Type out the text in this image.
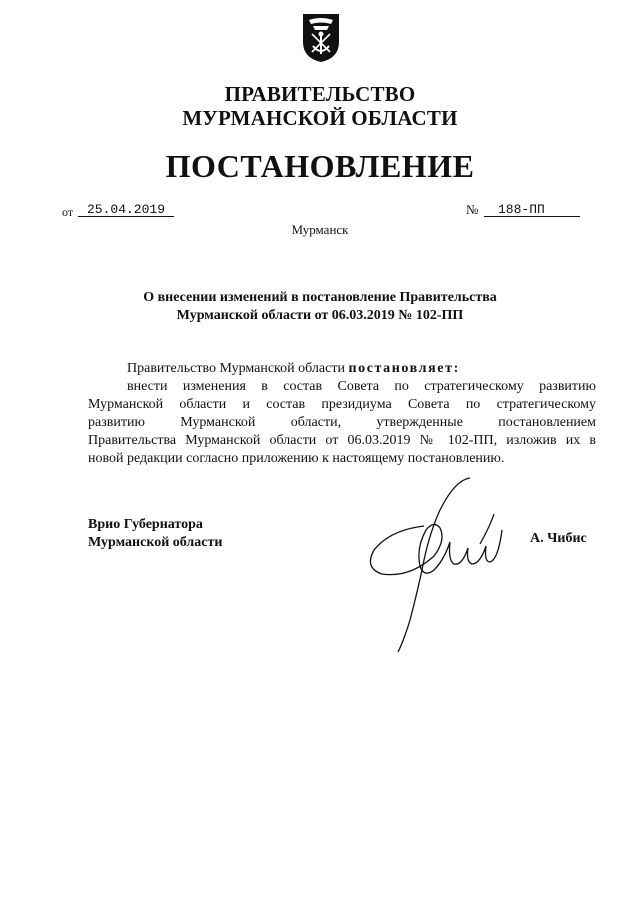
ПРАВИТЕЛЬСТВО
МУРМАНСКОЙ ОБЛАСТИ
ПОСТАНОВЛЕНИЕ
от	25.04.2019	№	188-ПП
Мурманск
О внесении изменений в постановление Правительства
Мурманской области от 06.03.2019 № 102-ПП
Правительство Мурманской области постановляет:
внести изменения в состав Совета по стратегическому развитию
Мурманской области и состав президиума Совета по стратегическому
развитию Мурманской области, утвержденные постановлением
Правительства Мурманской области от 06.03.2019 № 102-ПП, изложив их в
новой редакции согласно приложению к настоящему постановлению.
Врио Губернатора
Мурманской области	А. Чибис
